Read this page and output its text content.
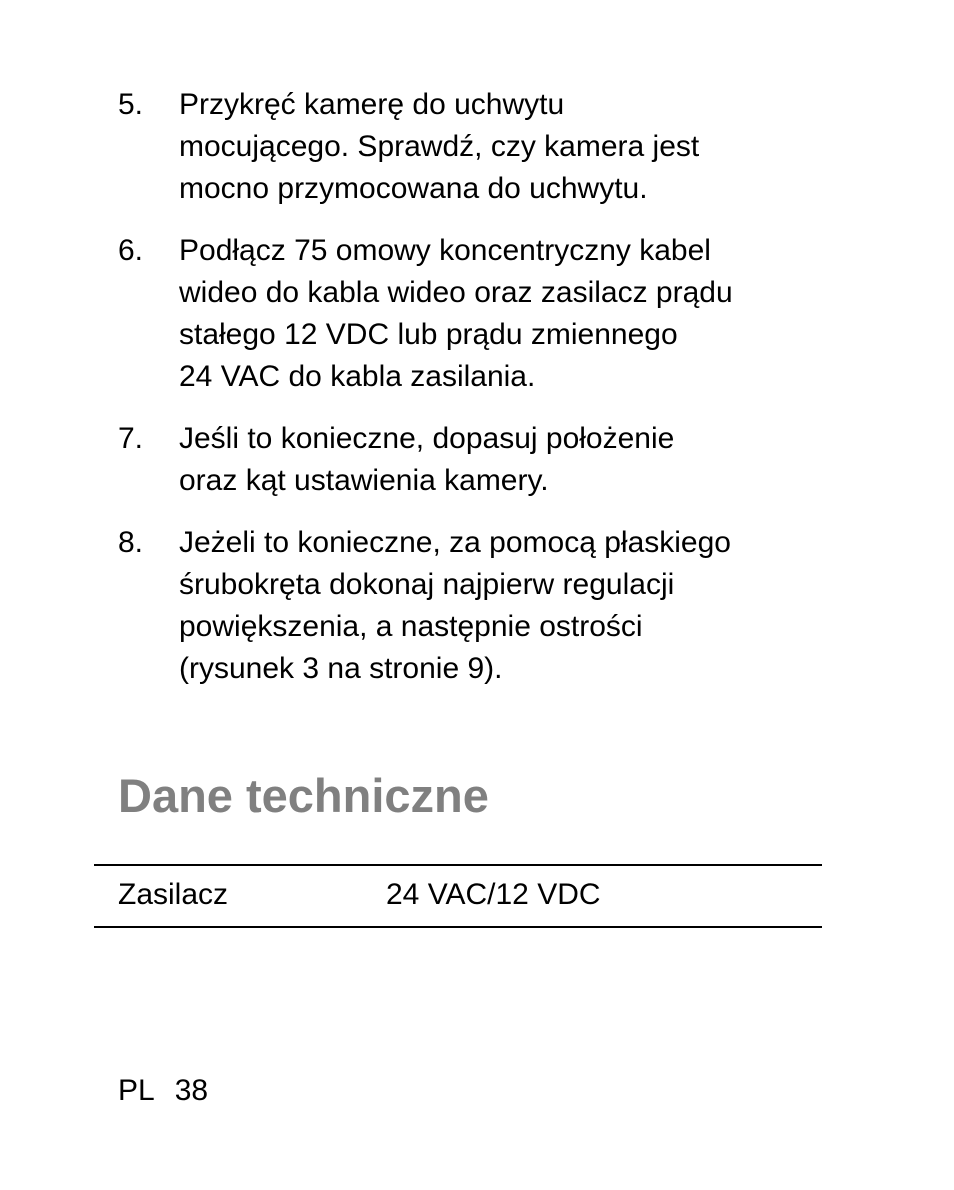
5.	Przykręć kamerę do uchwytu
mocującego. Sprawdź, czy kamera jest
mocno przymocowana do uchwytu.
6.	Podłącz 75 omowy koncentryczny kabel
wideo do kabla wideo oraz zasilacz prądu
stałego 12 VDC lub prądu zmiennego
24 VAC do kabla zasilania.
7.	Jeśli to konieczne, dopasuj położenie
oraz kąt ustawienia kamery.
8.	Jeżeli to konieczne, za pomocą płaskiego
śrubokręta dokonaj najpierw regulacji
powiększenia, a następnie ostrości
(rysunek 3 na stronie 9).
Dane techniczne
Zasilacz	24 VAC/12 VDC
PL 38
